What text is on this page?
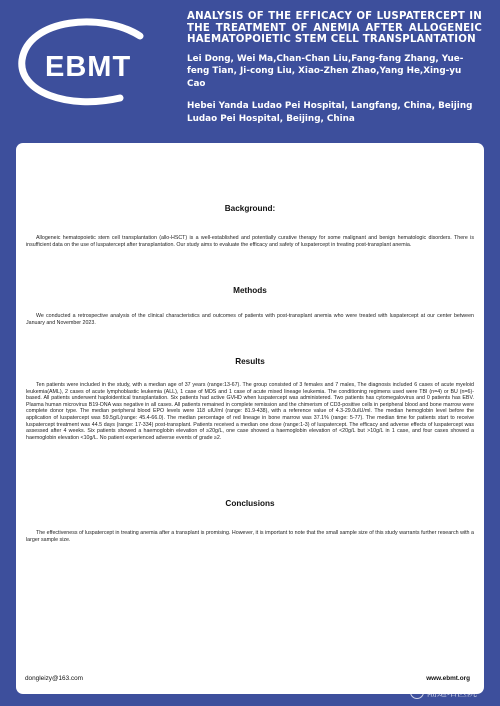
EBMT

ANALYSIS OF THE EFFICACY OF LUSPATERCEPT IN THE TREATMENT OF ANEMIA AFTER ALLOGENEIC HAEMATOPOIETIC STEM CELL TRANSPLANTATION

Lei Dong, Wei Ma,Chan-Chan Liu,Fang-fang Zhang, Yue-feng Tian, Ji-cong Liu, Xiao-Zhen Zhao,Yang He,Xing-yu Cao
Hebei Yanda Ludao Pei Hospital, Langfang, China, Beijing Ludao Pei Hospital, Beijing, China
Background:
Allogeneic hematopoietic stem cell transplantation (allo-HSCT) is a well-established and potentially curative therapy for some malignant and benign hematologic disorders. There is insufficient data on the use of luspatercept after transplantation. Our study aims to evaluate the efficacy and safety of luspatercept in treating post-transplant anemia.
Methods
We conducted a retrospective analysis of the clinical characteristics and outcomes of patients with post-transplant anemia who were treated with luspatercept at our center between January and November 2023.
Results
Ten patients were included in the study, with a median age of 37 years (range:13-67). The group consisted of 3 females and 7 males, The diagnosis included 6 cases of acute myeloid leukemia(AML), 2 cases of acute lymphoblastic leukemia (ALL), 1 case of MDS and 1 case of acute mixed lineage leukemia. The conditioning regimens used were TBI (n=4) or BU (n=6)-based. All patients underwent haploidentical transplantation. Six patients had active GVHD when luspatercept was administered. Two patients has cytomegalovirus and 0 patients has EBV. Plasma human microvirus B19-DNA was negative in all cases. All patients remained in complete remission and the chimerism of CD3-positive cells in peripheral blood and bone marrow were complete donor type. The median peripheral blood EPO levels were 118 uIU/ml (range: 81.9-438), with a reference value of 4.3-29.0uIU/ml. The median hemoglobin level before the application of luspatercept was 59.5g/L(range: 45.4-66.0). The median percentage of red lineage in bone marrow was 37.1% (range: 5-77). The median time for patients start to receive luspatercept treatment was 44.5 days (range: 17-334) post-transplant. Patients received a median one dose (range:1-3) of luspatercept. The efficacy and adverse effects of luspatercept was assessed after 4 weeks. Six patients showed a haemoglobin elevation of ≥20g/L, one case showed a haemoglobin elevation of <20g/L but >10g/L in 1 case, and four cases showed a haemoglobin elevation <10g/L. No patient experienced adverse events of grade ≥2.
Conclusions
The effectiveness of luspatercept in treating anemia after a transplant is promising. However, it is important to note that the small sample size of this study warrants further research with a larger sample size.
dongleizy@163.com	www.ebmt.org
陆道培医院
